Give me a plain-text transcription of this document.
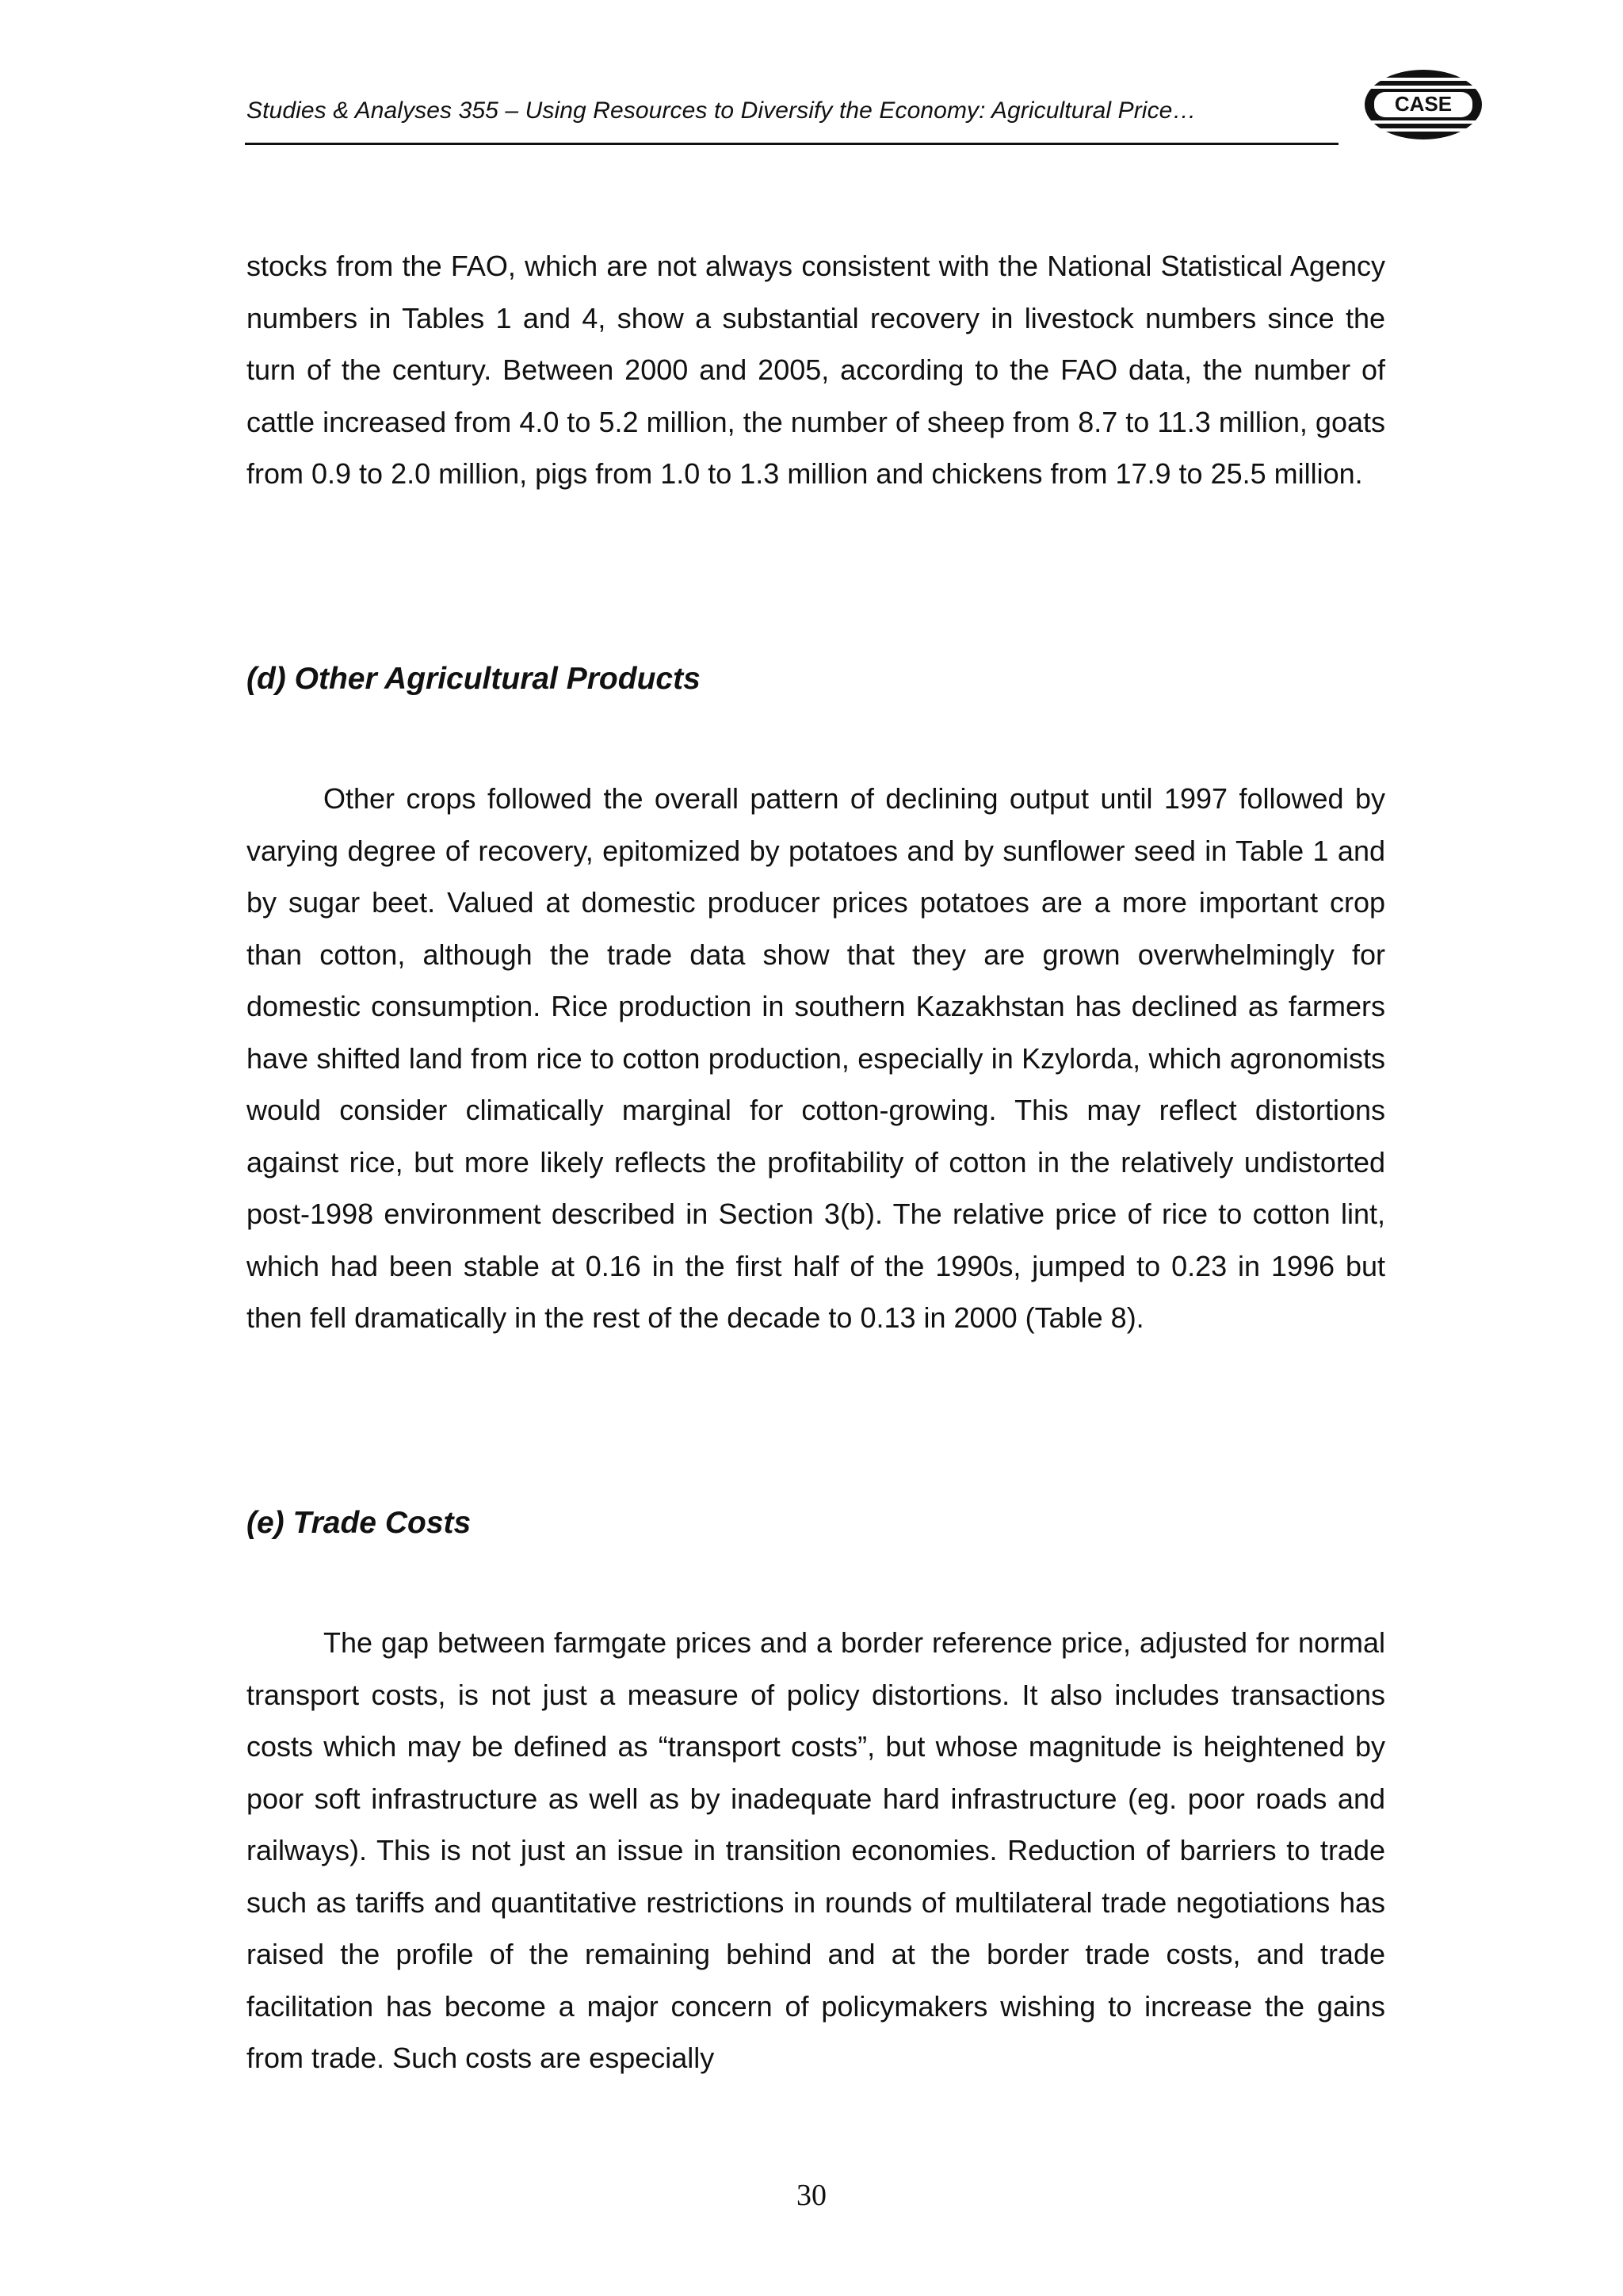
Studies & Analyses 355 – Using Resources to Diversify the Economy: Agricultural Price…	CASE

stocks from the FAO, which are not always consistent with the National Statistical Agency numbers in Tables 1 and 4, show a substantial recovery in livestock numbers since the turn of the century. Between 2000 and 2005, according to the FAO data, the number of cattle increased from 4.0 to 5.2 million, the number of sheep from 8.7 to 11.3 million, goats from 0.9 to 2.0 million, pigs from 1.0 to 1.3 million and chickens from 17.9 to 25.5 million.

(d) Other Agricultural Products

Other crops followed the overall pattern of declining output until 1997 followed by varying degree of recovery, epitomized by potatoes and by sunflower seed in Table 1 and by sugar beet. Valued at domestic producer prices potatoes are a more important crop than cotton, although the trade data show that they are grown overwhelmingly for domestic consumption. Rice production in southern Kazakhstan has declined as farmers have shifted land from rice to cotton production, especially in Kzylorda, which agronomists would consider climatically marginal for cotton-growing. This may reflect distortions against rice, but more likely reflects the profitability of cotton in the relatively undistorted post-1998 environment described in Section 3(b). The relative price of rice to cotton lint, which had been stable at 0.16 in the first half of the 1990s, jumped to 0.23 in 1996 but then fell dramatically in the rest of the decade to 0.13 in 2000 (Table 8).

(e) Trade Costs

The gap between farmgate prices and a border reference price, adjusted for normal transport costs, is not just a measure of policy distortions. It also includes transactions costs which may be defined as “transport costs”, but whose magnitude is heightened by poor soft infrastructure as well as by inadequate hard infrastructure (eg. poor roads and railways). This is not just an issue in transition economies. Reduction of barriers to trade such as tariffs and quantitative restrictions in rounds of multilateral trade negotiations has raised the profile of the remaining behind and at the border trade costs, and trade facilitation has become a major concern of policymakers wishing to increase the gains from trade. Such costs are especially

30
